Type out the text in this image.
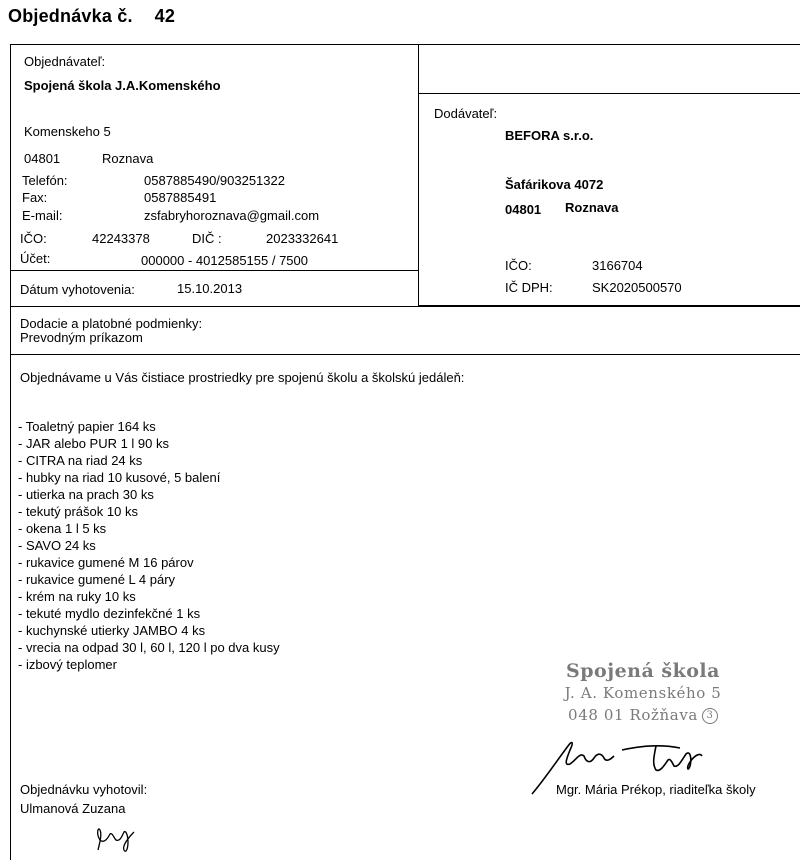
Objednávka č. 42
Objednávateľ:
Spojená škola J.A.Komenského
Komenskeho 5
04801	Roznava
Telefón:	0587885490/903251322
Fax:	0587885491
E-mail:	zsfabryhoroznava@gmail.com
IČO:	42243378	DIČ :	2023332641
Účet:	000000 - 4012585155 / 7500
Dátum vyhotovenia:	15.10.2013
Dodávateľ:
BEFORA s.r.o.
Šafárikova 4072
04801 Roznava
IČO:	3166704
IČ DPH:	SK2020500570
Dodacie a platobné podmienky:
Prevodným príkazom
Objednávame u Vás čistiace prostriedky pre spojenú školu a školskú jedáleň:
- Toaletný papier 164 ks
- JAR alebo PUR 1 l 90 ks
- CITRA na riad 24 ks
- hubky na riad 10 kusové, 5 balení
- utierka na prach 30 ks
- tekutý prášok 10 ks
- okena 1 l 5 ks
- SAVO 24 ks
- rukavice gumené M 16 párov
- rukavice gumené L 4 páry
- krém na ruky 10 ks
- tekuté mydlo dezinfekčné 1 ks
- kuchynské utierky JAMBO 4 ks
- vrecia na odpad 30 l, 60 l, 120 l po dva kusy
- izbový teplomer	Spojená škola
J. A. Komenského 5
048 01 Rožňava 3
Mgr. Mária Prékop, riaditeľka školy
Objednávku vyhotovil:
Ulmanová Zuzana
